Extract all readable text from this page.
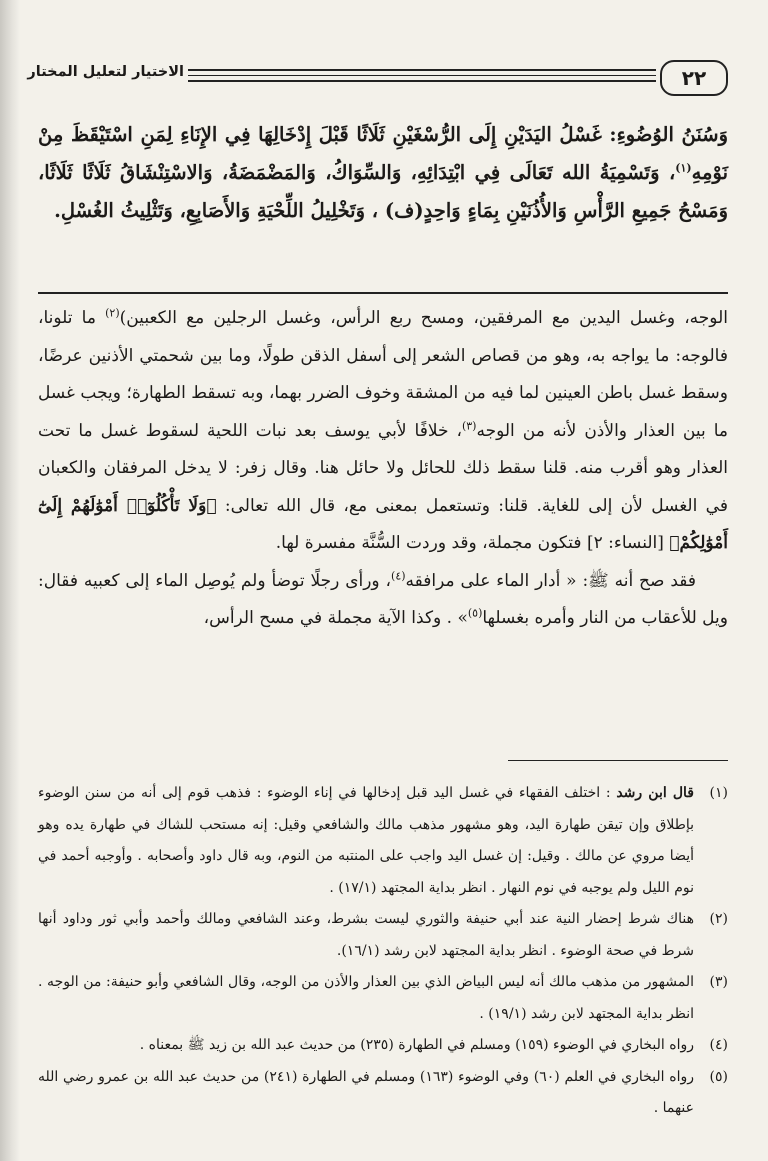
٢٢
الاختيار لتعليل المختار
وَسُنَنُ الوُضُوءِ: غَسْلُ اليَدَيْنِ إِلَى الرُّسْغَيْنِ ثَلَاثًا قَبْلَ إِدْخَالِهَا فِي الإِنَاءِ لِمَنِ اسْتَيْقَظَ مِنْ نَوْمِهِ$^{(١)}$، وَتَسْمِيَةُ الله تَعَالَى فِي ابْتِدَائِهِ، وَالسِّوَاكُ، وَالمَضْمَضَةُ، وَالاسْتِنْشَاقُ ثَلَاثًا ثَلَاثًا، وَمَسْحُ جَمِيعِ الرَّأْسِ وَالأُذُنَيْنِ بِمَاءٍ وَاحِدٍ(ف) ، وَتَخْلِيلُ اللِّحْيَةِ وَالأَصَابِعِ، وَتَثْلِيثُ الغُسْلِ.

الوجه، وغسل اليدين مع المرفقين، ومسح ربع الرأس، وغسل الرجلين مع الكعبين)$^{(٢)}$ ما تلونا، فالوجه: ما يواجه به، وهو من قصاص الشعر إلى أسفل الذقن طولًا، وما بين شحمتي الأذنين عرضًا، وسقط غسل باطن العينين لما فيه من المشقة وخوف الضرر بهما، وبه تسقط الطهارة؛ ويجب غسل ما بين العذار والأذن لأنه من الوجه$^{(٣)}$، خلافًا لأبي يوسف بعد نبات اللحية لسقوط غسل ما تحت العذار وهو أقرب منه. قلنا سقط ذلك للحائل ولا حائل هنا. وقال زفر: لا يدخل المرفقان والكعبان في الغسل لأن إلى للغاية. قلنا: وتستعمل بمعنى مع، قال الله تعالى: ﴿وَلَا تَأْكُلُوٓا۟ أَمْوَٰلَهُمْ إِلَىٰٓ أَمْوَٰلِكُمْ﴾ [النساء: ٢] فتكون مجملة، وقد وردت السُّنَّة مفسرة لها.

فقد صح أنه ﷺ: « أدار الماء على مرافقه$^{(٤)}$، ورأى رجلًا توضأ ولم يُوصِل الماء إلى كعبيه فقال: ويل للأعقاب من النار وأمره بغسلها$^{(٥)}$» . وكذا الآية مجملة في مسح الرأس،

(١)
قال ابن رشد : اختلف الفقهاء في غسل اليد قبل إدخالها في إناء الوضوء : فذهب قوم إلى أنه من سنن الوضوء بإطلاق وإن تيقن طهارة اليد، وهو مشهور مذهب مالك والشافعي وقيل: إنه مستحب للشاك في طهارة يده وهو أيضا مروي عن مالك . وقيل: إن غسل اليد واجب على المنتبه من النوم، وبه قال داود وأصحابه . وأوجبه أحمد في نوم الليل ولم يوجبه في نوم النهار . انظر بداية المجتهد (١٧/١) .
(٢)
هناك شرط إحضار النية عند أبي حنيفة والثوري ليست بشرط، وعند الشافعي ومالك وأحمد وأبي ثور وداود أنها شرط في صحة الوضوء . انظر بداية المجتهد لابن رشد (١٦/١).
(٣)
المشهور من مذهب مالك أنه ليس البياض الذي بين العذار والأذن من الوجه، وقال الشافعي وأبو حنيفة: من الوجه . انظر بداية المجتهد لابن رشد (١٩/١) .
(٤)
رواه البخاري في الوضوء (١٥٩) ومسلم في الطهارة (٢٣٥) من حديث عبد الله بن زيد ﷺ بمعناه .
(٥)
رواه البخاري في العلم (٦٠) وفي الوضوء (١٦٣) ومسلم في الطهارة (٢٤١) من حديث عبد الله بن عمرو رضي الله عنهما .
